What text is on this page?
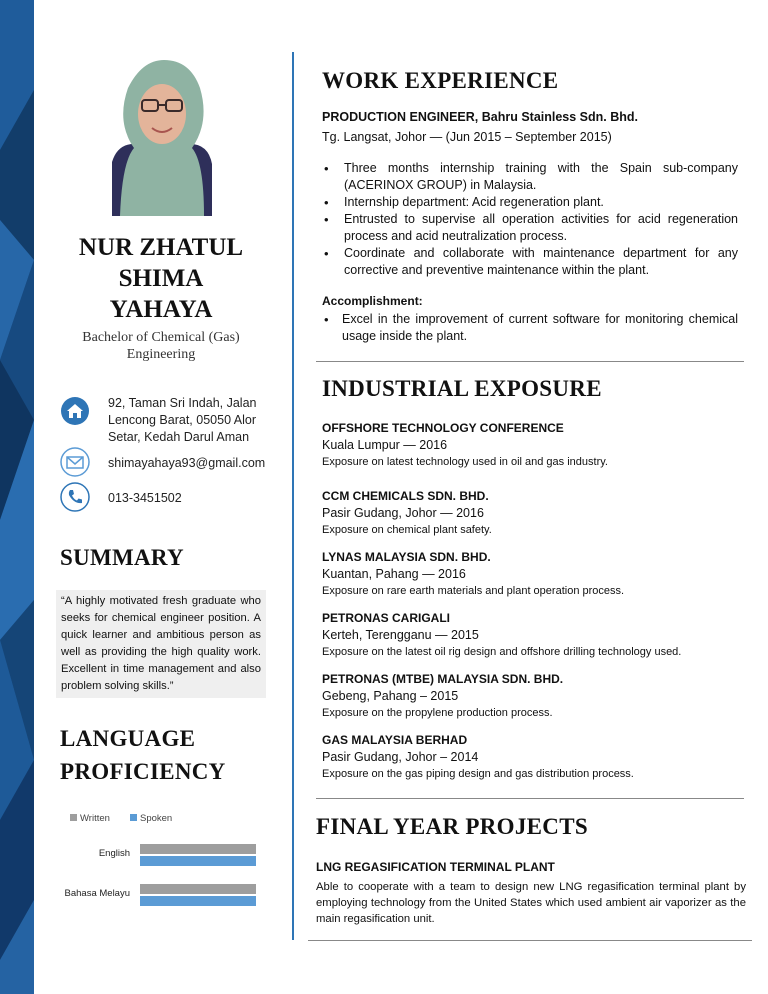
NUR ZHATUL
SHIMA
YAHAYA
Bachelor of Chemical (Gas) Engineering
92, Taman Sri Indah, Jalan Lencong Barat, 05050 Alor Setar, Kedah Darul Aman
shimayahaya93@gmail.com
013-3451502
SUMMARY
“A highly motivated fresh graduate who seeks for chemical engineer position. A quick learner and ambitious person as well as providing the high quality work. Excellent in time management and also problem solving skills.”
LANGUAGE
PROFICIENCY
Written	Spoken
English
Bahasa Melayu
WORK EXPERIENCE
PRODUCTION ENGINEER, Bahru Stainless Sdn. Bhd.
Tg. Langsat, Johor — (Jun 2015 – September 2015)
• Three months internship training with the Spain sub-company (ACERINOX GROUP) in Malaysia.
• Internship department: Acid regeneration plant.
• Entrusted to supervise all operation activities for acid regeneration process and acid neutralization process.
• Coordinate and collaborate with maintenance department for any corrective and preventive maintenance within the plant.
Accomplishment:
• Excel in the improvement of current software for monitoring chemical usage inside the plant.
INDUSTRIAL EXPOSURE
OFFSHORE TECHNOLOGY CONFERENCE
Kuala Lumpur — 2016
Exposure on latest technology used in oil and gas industry.
CCM CHEMICALS SDN. BHD.
Pasir Gudang, Johor — 2016
Exposure on chemical plant safety.
LYNAS MALAYSIA SDN. BHD.
Kuantan, Pahang — 2016
Exposure on rare earth materials and plant operation process.
PETRONAS CARIGALI
Kerteh, Terengganu — 2015
Exposure on the latest oil rig design and offshore drilling technology used.
PETRONAS (MTBE) MALAYSIA SDN. BHD.
Gebeng, Pahang – 2015
Exposure on the propylene production process.
GAS MALAYSIA BERHAD
Pasir Gudang, Johor – 2014
Exposure on the gas piping design and gas distribution process.
FINAL YEAR PROJECTS
LNG REGASIFICATION TERMINAL PLANT
Able to cooperate with a team to design new LNG regasification terminal plant by employing technology from the United States which used ambient air vaporizer as the main regasification unit.
